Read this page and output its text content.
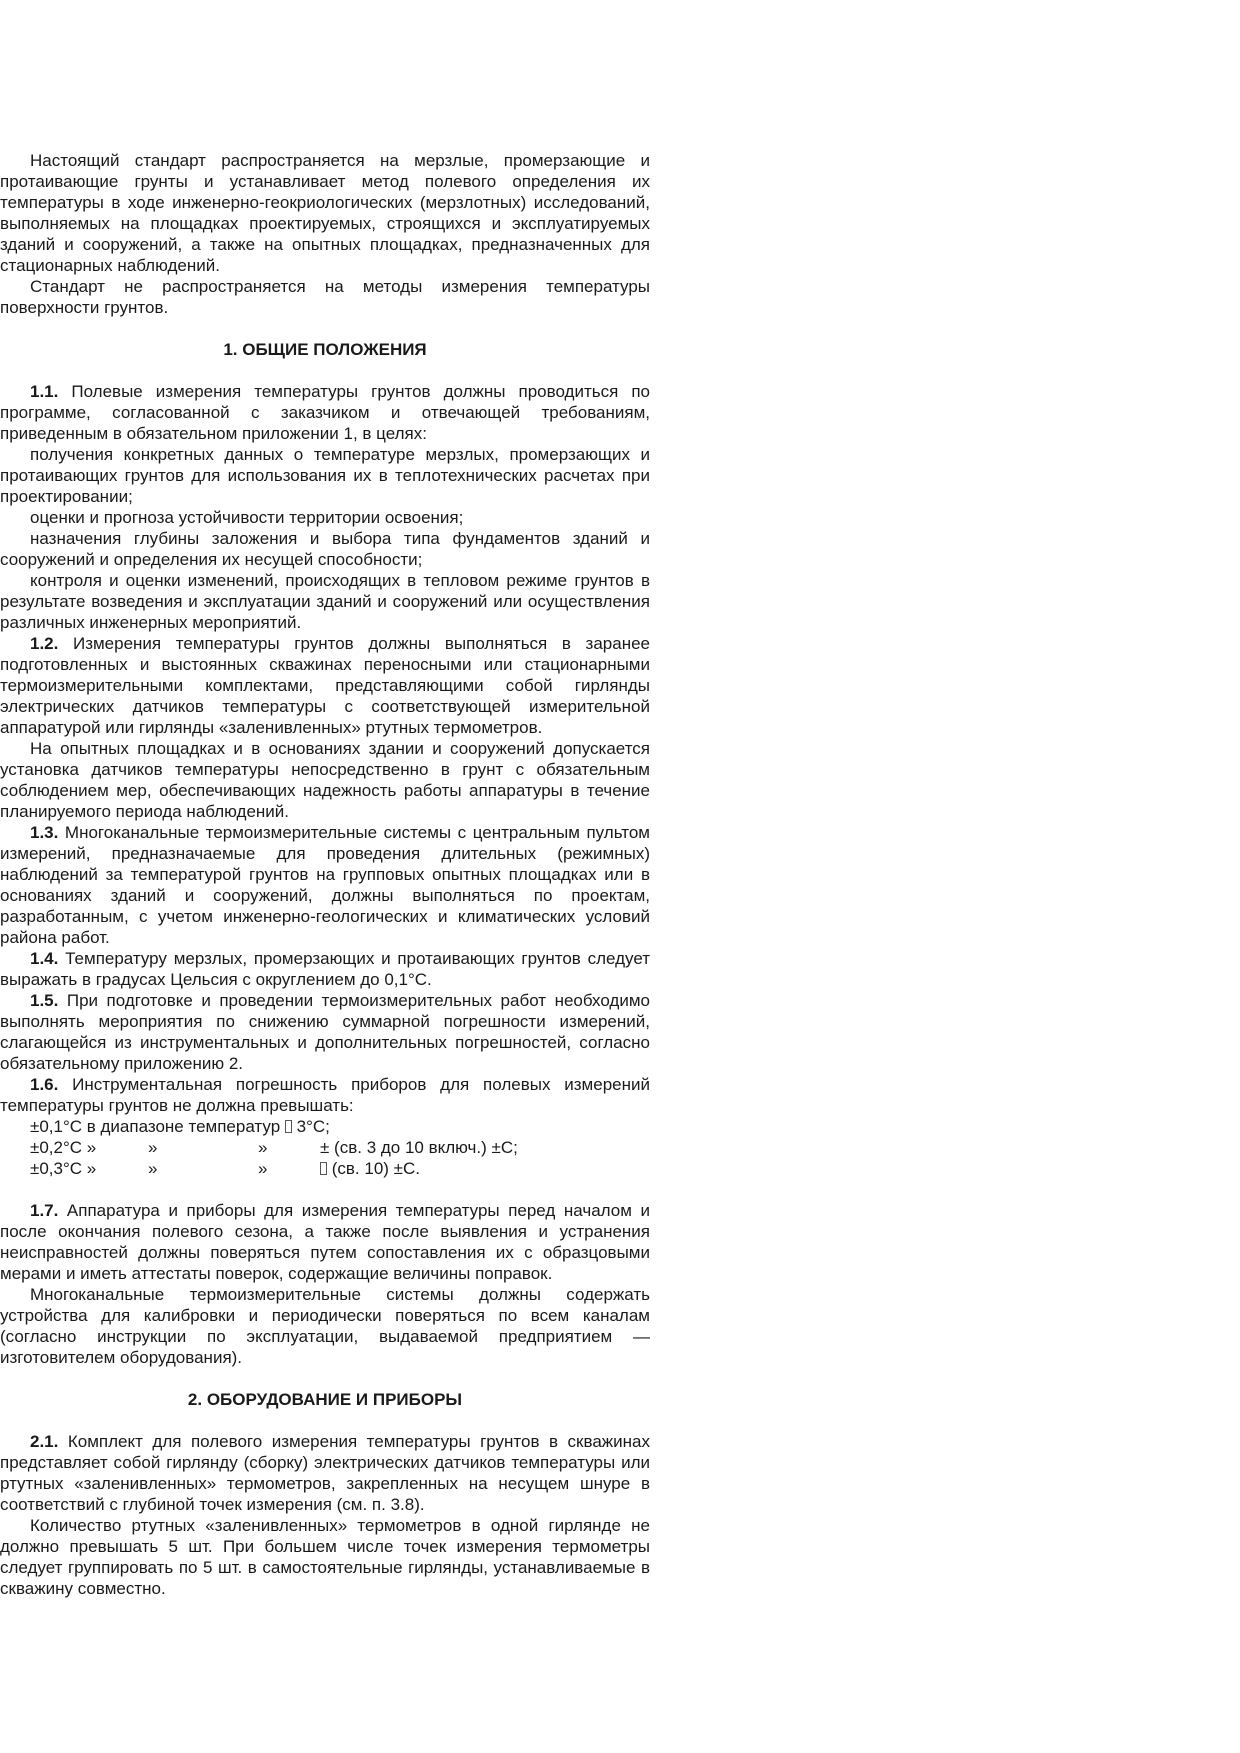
Настоящий стандарт распространяется на мерзлые, промерзающие и протаивающие грунты и устанавливает метод полевого определения их температуры в ходе инженерно-геокриологических (мерзлотных) исследований, выполняемых на площадках проектируемых, строящихся и эксплуатируемых зданий и сооружений, а также на опытных площадках, предназначенных для стационарных наблюдений.

Стандарт не распространяется на методы измерения температуры поверхности грунтов.

1. ОБЩИЕ ПОЛОЖЕНИЯ

1.1. Полевые измерения температуры грунтов должны проводиться по программе, согласованной с заказчиком и отвечающей требованиям, приведенным в обязательном приложении 1, в целях:

получения конкретных данных о температуре мерзлых, промерзающих и протаивающих грунтов для использования их в теплотехнических расчетах при проектировании;

оценки и прогноза устойчивости территории освоения;

назначения глубины заложения и выбора типа фундаментов зданий и сооружений и определения их несущей способности;

контроля и оценки изменений, происходящих в тепловом режиме грунтов в результате возведения и эксплуатации зданий и сооружений или осуществления различных инженерных мероприятий.

1.2. Измерения температуры грунтов должны выполняться в заранее подготовленных и выстоянных скважинах переносными или стационарными термоизмерительными комплектами, представляющими собой гирлянды электрических датчиков температуры с соответствующей измерительной аппаратурой или гирлянды «заленивленных» ртутных термометров.

На опытных площадках и в основаниях здании и сооружений допускается установка датчиков температуры непосредственно в грунт с обязательным соблюдением мер, обеспечивающих надежность работы аппаратуры в течение планируемого периода наблюдений.

1.3. Многоканальные термоизмерительные системы с центральным пультом измерений, предназначаемые для проведения длительных (режимных) наблюдений за температурой грунтов на групповых опытных площадках или в основаниях зданий и сооружений, должны выполняться по проектам, разработанным, с учетом инженерно-геологических и климатических условий района работ.

1.4. Температуру мерзлых, промерзающих и протаивающих грунтов следует выражать в градусах Цельсия с округлением до 0,1°С.

1.5. При подготовке и проведении термоизмерительных работ необходимо выполнять мероприятия по снижению суммарной погрешности измерений, слагающейся из инструментальных и дополнительных погрешностей, согласно обязательному приложению 2.

1.6. Инструментальная погрешность приборов для полевых измерений температуры грунтов не должна превышать:

±0,1°С в диапазоне температур  3°С;
±0,2°С »	»	»	± (св. 3 до 10 включ.) ±С;
±0,3°С »	»	»	(св. 10) ±С.

1.7. Аппаратура и приборы для измерения температуры перед началом и после окончания полевого сезона, а также после выявления и устранения неисправностей должны поверяться путем сопоставления их с образцовыми мерами и иметь аттестаты поверок, содержащие величины поправок.

Многоканальные термоизмерительные системы должны содержать устройства для калибровки и периодически поверяться по всем каналам (согласно инструкции по эксплуатации, выдаваемой предприятием — изготовителем оборудования).

2. ОБОРУДОВАНИЕ И ПРИБОРЫ

2.1. Комплект для полевого измерения температуры грунтов в скважинах представляет собой гирлянду (сборку) электрических датчиков температуры или ртутных «заленивленных» термометров, закрепленных на несущем шнуре в соответствий с глубиной точек измерения (см. п. 3.8).

Количество ртутных «заленивленных» термометров в одной гирлянде не должно превышать 5 шт. При большем числе точек измерения термометры следует группировать по 5 шт. в самостоятельные гирлянды, устанавливаемые в скважину совместно.
